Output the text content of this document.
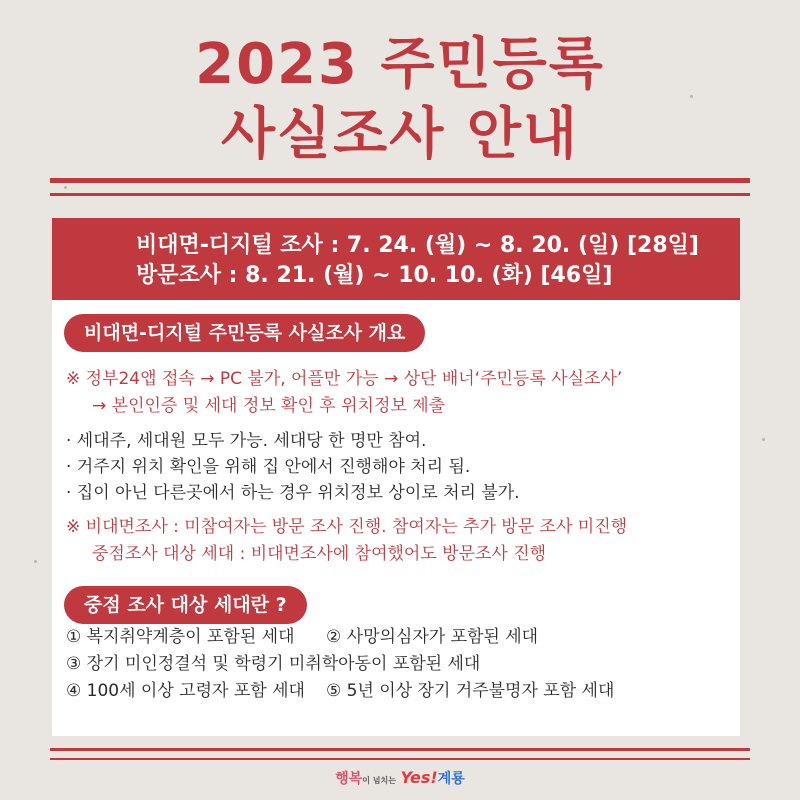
2023 주민등록
사실조사 안내
비대면-디지털 조사 : 7. 24. (월) ~ 8. 20. (일) [28일]
방문조사 : 8. 21. (월) ~ 10. 10. (화) [46일]
비대면-디지털 주민등록 사실조사 개요
※ 정부24앱 접속 → PC 불가, 어플만 가능 → 상단 배너‘주민등록 사실조사’
→ 본인인증 및 세대 정보 확인 후 위치정보 제출
· 세대주, 세대원 모두 가능. 세대당 한 명만 참여.
· 거주지 위치 확인을 위해 집 안에서 진행해야 처리 됨.
· 집이 아닌 다른곳에서 하는 경우 위치정보 상이로 처리 불가.
※ 비대면조사 : 미참여자는 방문 조사 진행. 참여자는 추가 방문 조사 미진행
중점조사 대상 세대 : 비대면조사에 참여했어도 방문조사 진행
중점 조사 대상 세대란 ?
① 복지취약계층이 포함된 세대 ② 사망의심자가 포함된 세대
③ 장기 미인정결석 및 학령기 미취학아동이 포함된 세대
④ 100세 이상 고령자 포함 세대 ⑤ 5년 이상 장기 거주불명자 포함 세대
행복이 넘치는 Yes!계룡
